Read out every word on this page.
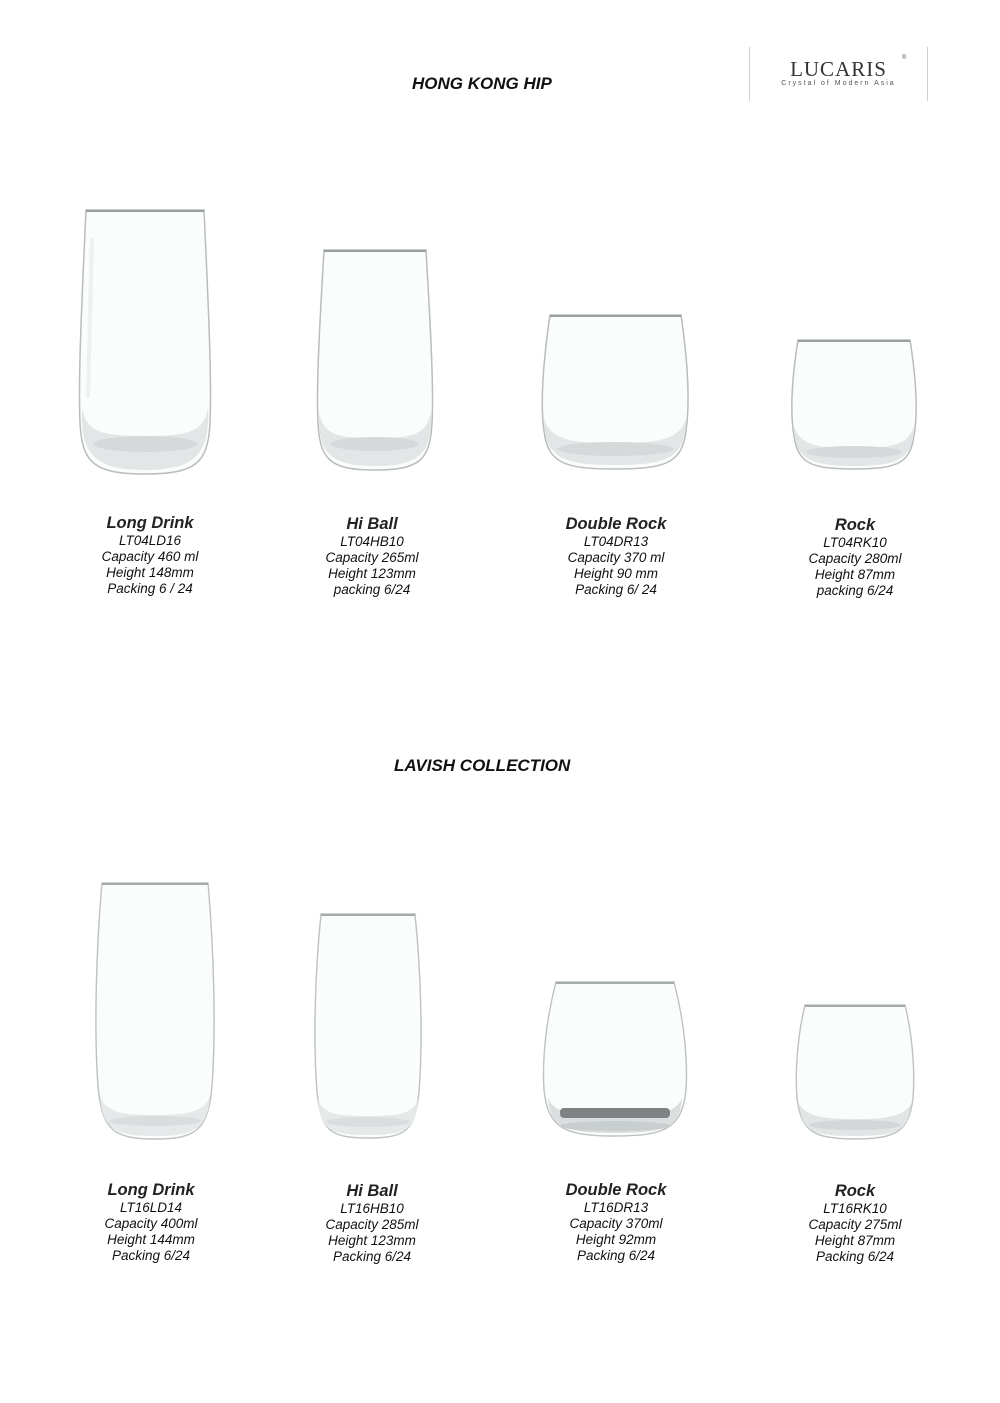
LUCARIS	®
Crystal of Modern Asia
HONG KONG HIP
LAVISH COLLECTION
Long Drink
LT04LD16
Capacity 460 ml
Height 148mm
Packing 6 / 24
Hi Ball
LT04HB10
Capacity 265ml
Height 123mm
packing 6/24
Double Rock
LT04DR13
Capacity 370 ml
Height 90 mm
Packing 6/ 24
Rock
LT04RK10
Capacity 280ml
Height 87mm
packing 6/24
Long Drink
LT16LD14
Capacity 400ml
Height 144mm
Packing 6/24
Hi Ball
LT16HB10
Capacity 285ml
Height 123mm
Packing 6/24
Double Rock
LT16DR13
Capacity 370ml
Height 92mm
Packing 6/24
Rock
LT16RK10
Capacity 275ml
Height 87mm
Packing 6/24
